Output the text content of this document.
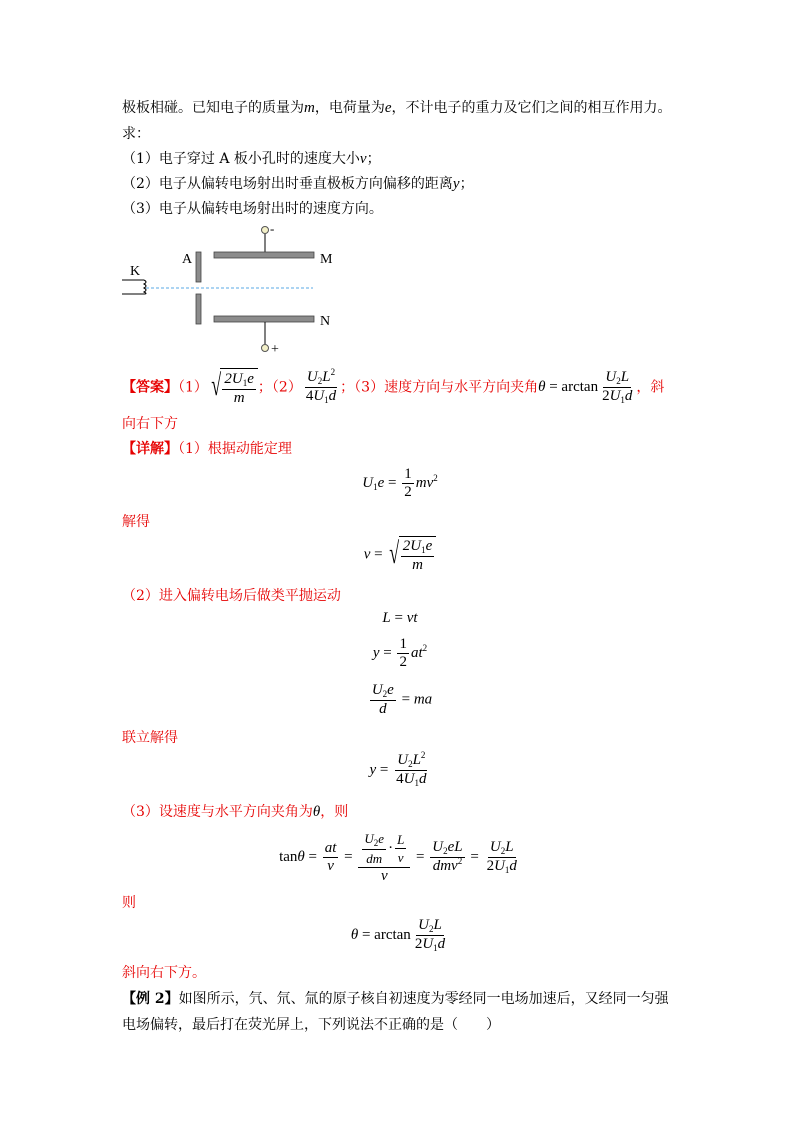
极板相碰。已知电子的质量为m，电荷量为e，不计电子的重力及它们之间的相互作用力。
求：
（1）电子穿过 A 板小孔时的速度大小v；
（2）电子从偏转电场射出时垂直极板方向偏移的距离y；
（3）电子从偏转电场射出时的速度方向。
-
M
A
K
N
+
【答案】（1） √ $\frac{2U_1e}{m}$ ；$(2) \frac{U_2L^2}{4U_1d}$ ；（3）速度方向与水平方向夹角$\theta = \arctan \frac{U_2L}{2U_1d}$ ，斜
向右下方
【详解】（1）根据动能定理
$U_1e = \frac{1}{2} mv^2$
解得
v = √ $\frac{2U_1e}{m}$
（2）进入偏转电场后做类平抛运动
L = vt
$y = \frac{1}{2} at^2$
$\frac{U_2e}{d}$ = ma
联立解得
$y = \frac{U_2L^2}{4U_1d}$
（3）设速度与水平方向夹角为θ，则
$\tan\theta = \frac{at}{v} = \frac{\frac{U_2e}{dm} \cdot \frac{L}{v}}{v} = \frac{U_2eL}{dmv^2} = \frac{U_2L}{2U_1d}$
则
$\theta = \arctan \frac{U_2L}{2U_1d}$
斜向右下方。
【例 2】如图所示，氕、氘、氚的原子核自初速度为零经同一电场加速后，又经同一匀强
电场偏转，最后打在荧光屏上，下列说法不正确的是（　　）
